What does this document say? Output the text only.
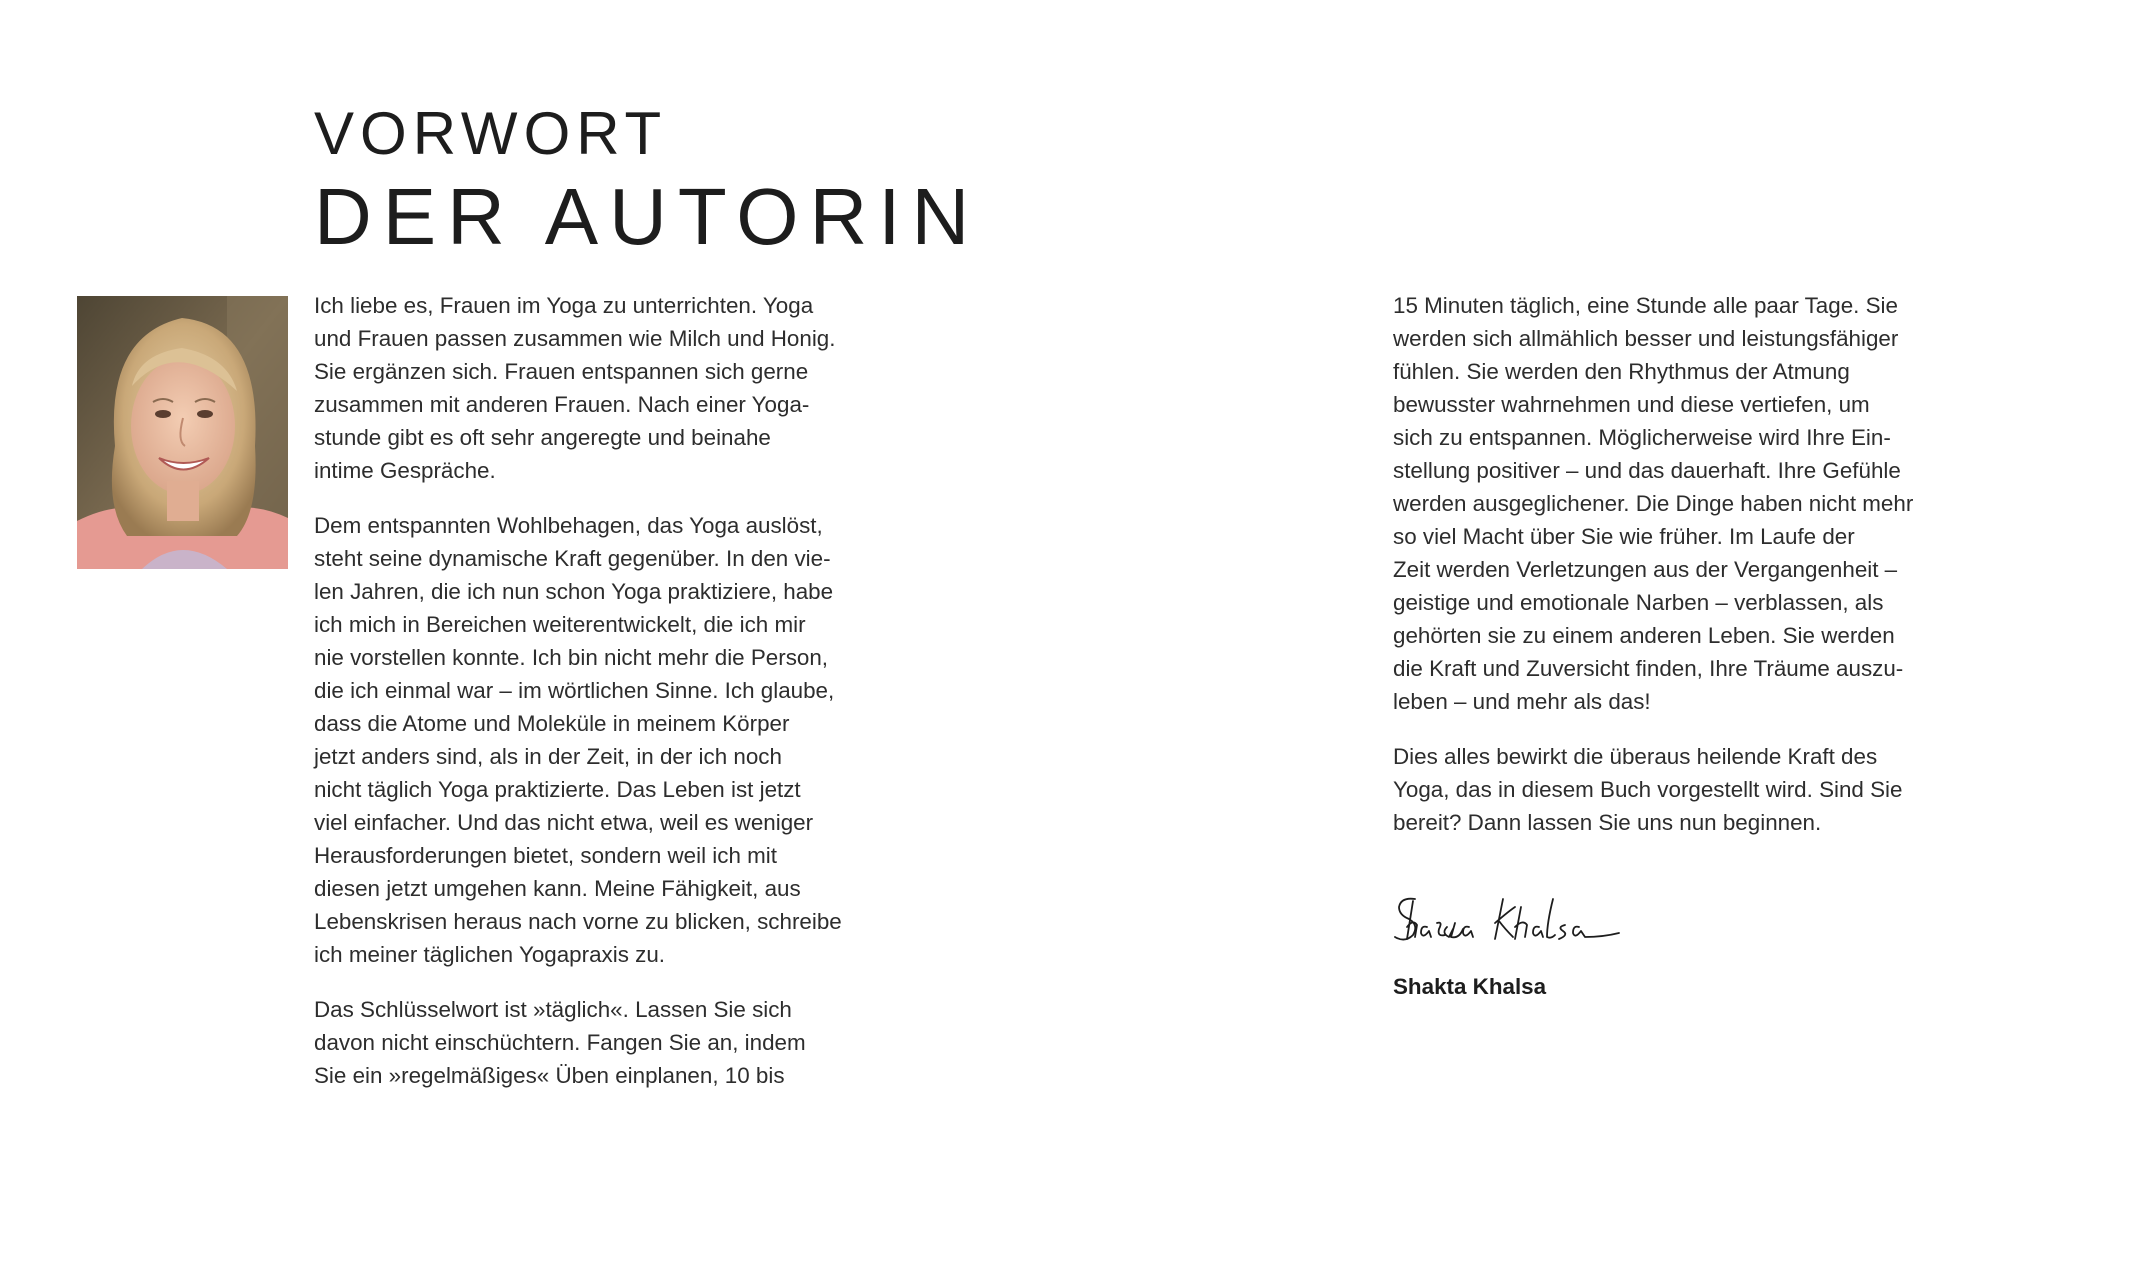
VORWORT
DER AUTORIN

Ich liebe es, Frauen im Yoga zu unterrichten. Yoga
und Frauen passen zusammen wie Milch und Honig.
Sie ergänzen sich. Frauen entspannen sich gerne
zusammen mit anderen Frauen. Nach einer Yoga-
stunde gibt es oft sehr angeregte und beinahe
intime Gespräche.

Dem entspannten Wohlbehagen, das Yoga auslöst,
steht seine dynamische Kraft gegenüber. In den vie-
len Jahren, die ich nun schon Yoga praktiziere, habe
ich mich in Bereichen weiterentwickelt, die ich mir
nie vorstellen konnte. Ich bin nicht mehr die Person,
die ich einmal war – im wörtlichen Sinne. Ich glaube,
dass die Atome und Moleküle in meinem Körper
jetzt anders sind, als in der Zeit, in der ich noch
nicht täglich Yoga praktizierte. Das Leben ist jetzt
viel einfacher. Und das nicht etwa, weil es weniger
Herausforderungen bietet, sondern weil ich mit
diesen jetzt umgehen kann. Meine Fähigkeit, aus
Lebenskrisen heraus nach vorne zu blicken, schreibe
ich meiner täglichen Yogapraxis zu.

Das Schlüsselwort ist »täglich«. Lassen Sie sich
davon nicht einschüchtern. Fangen Sie an, indem
Sie ein »regelmäßiges« Üben einplanen, 10 bis

15 Minuten täglich, eine Stunde alle paar Tage. Sie
werden sich allmählich besser und leistungsfähiger
fühlen. Sie werden den Rhythmus der Atmung
bewusster wahrnehmen und diese vertiefen, um
sich zu entspannen. Möglicherweise wird Ihre Ein-
stellung positiver – und das dauerhaft. Ihre Gefühle
werden ausgeglichener. Die Dinge haben nicht mehr
so viel Macht über Sie wie früher. Im Laufe der
Zeit werden Verletzungen aus der Vergangenheit –
geistige und emotionale Narben – verblassen, als
gehörten sie zu einem anderen Leben. Sie werden
die Kraft und Zuversicht finden, Ihre Träume auszu-
leben – und mehr als das!

Dies alles bewirkt die überaus heilende Kraft des
Yoga, das in diesem Buch vorgestellt wird. Sind Sie
bereit? Dann lassen Sie uns nun beginnen.

Shakta Khalsa
